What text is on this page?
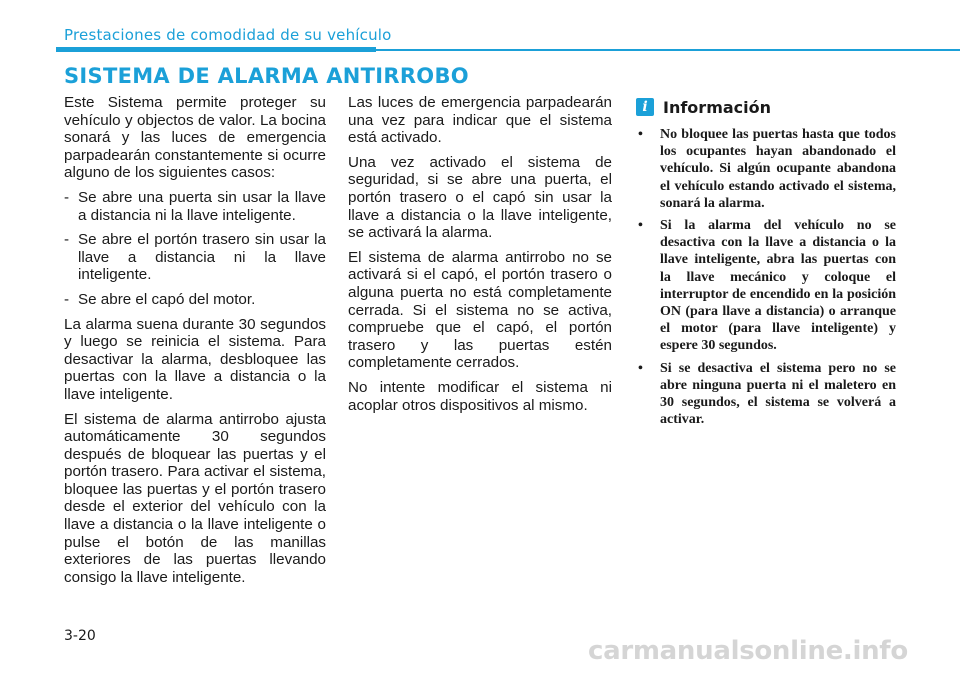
Prestaciones de comodidad de su vehículo
SISTEMA DE ALARMA ANTIRROBO

Este Sistema permite proteger su vehículo y objectos de valor. La bocina sonará y las luces de emergencia parpadearán constantemente si ocurre alguno de los siguientes casos:

- Se abre una puerta sin usar la llave a distancia ni la llave inteligente.
- Se abre el portón trasero sin usar la llave a distancia ni la llave inteligente.
- Se abre el capó del motor.

La alarma suena durante 30 segundos y luego se reinicia el sistema. Para desactivar la alarma, desbloquee las puertas con la llave a distancia o la llave inteligente.

El sistema de alarma antirrobo ajusta automáticamente 30 segundos después de bloquear las puertas y el portón trasero. Para activar el sistema, bloquee las puertas y el portón trasero desde el exterior del vehículo con la llave a distancia o la llave inteligente o pulse el botón de las manillas exteriores de las puertas llevando consigo la llave inteligente.

Las luces de emergencia parpadearán una vez para indicar que el sistema está activado.

Una vez activado el sistema de seguridad, si se abre una puerta, el portón trasero o el capó sin usar la llave a distancia o la llave inteligente, se activará la alarma.

El sistema de alarma antirrobo no se activará si el capó, el portón trasero o alguna puerta no está completamente cerrada. Si el sistema no se activa, compruebe que el capó, el portón trasero y las puertas estén completamente cerrados.

No intente modificar el sistema ni acoplar otros dispositivos al mismo.

i Información
•	No bloquee las puertas hasta que todos los ocupantes hayan abandonado el vehículo. Si algún ocupante abandona el vehículo estando activado el sistema, sonará la alarma.
•	Si la alarma del vehículo no se desactiva con la llave a distancia o la llave inteligente, abra las puertas con la llave mecánico y coloque el interruptor de encendido en la posición ON (para llave a distancia) o arranque el motor (para llave inteligente) y espere 30 segundos.
•	Si se desactiva el sistema pero no se abre ninguna puerta ni el maletero en 30 segundos, el sistema se volverá a activar.
3-20	carmanualsonline.info
